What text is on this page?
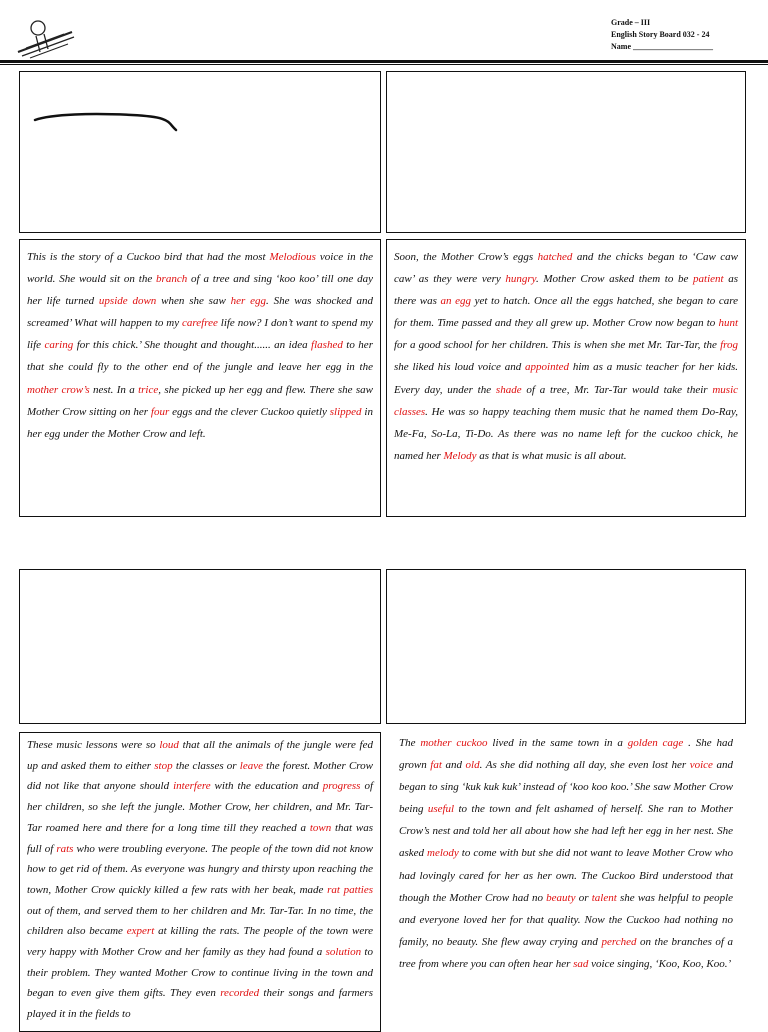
Grade – III
English Story Board 032 - 24
Name ____________________
This is the story of a Cuckoo bird that had the most Melodious voice in the world. She would sit on the branch of a tree and sing ‘koo koo’ till one day her life turned upside down when she saw her egg. She was shocked and screamed’ What will happen to my carefree life now? I don’t want to spend my life caring for this chick.’ She thought and thought...... an idea flashed to her that she could fly to the other end of the jungle and leave her egg in the mother crow’s nest. In a trice, she picked up her egg and flew. There she saw Mother Crow sitting on her four eggs and the clever Cuckoo quietly slipped in her egg under the Mother Crow and left.
Soon, the Mother Crow’s eggs hatched and the chicks began to ‘Caw caw caw’ as they were very hungry. Mother Crow asked them to be patient as there was an egg yet to hatch. Once all the eggs hatched, she began to care for them. Time passed and they all grew up. Mother Crow now began to hunt for a good school for her children. This is when she met Mr. Tar-Tar, the frog she liked his loud voice and appointed him as a music teacher for her kids. Every day, under the shade of a tree, Mr. Tar-Tar would take their music classes. He was so happy teaching them music that he named them Do-Ray, Me-Fa, So-La, Ti-Do. As there was no name left for the cuckoo chick, he named her Melody as that is what music is all about.
These music lessons were so loud that all the animals of the jungle were fed up and asked them to either stop the classes or leave the forest. Mother Crow did not like that anyone should interfere with the education and progress of her children, so she left the jungle. Mother Crow, her children, and Mr. Tar-Tar roamed here and there for a long time till they reached a town that was full of rats who were troubling everyone. The people of the town did not know how to get rid of them. As everyone was hungry and thirsty upon reaching the town, Mother Crow quickly killed a few rats with her beak, made rat patties out of them, and served them to her children and Mr. Tar-Tar. In no time, the children also became expert at killing the rats. The people of the town were very happy with Mother Crow and her family as they had found a solution to their problem. They wanted Mother Crow to continue living in the town and began to even give them gifts. They even recorded their songs and farmers played it in the fields to
The mother cuckoo lived in the same town in a golden cage . She had grown fat and old. As she did nothing all day, she even lost her voice and began to sing ‘kuk kuk kuk’ instead of ‘koo koo koo.’ She saw Mother Crow being useful to the town and felt ashamed of herself. She ran to Mother Crow’s nest and told her all about how she had left her egg in her nest. She asked melody to come with but she did not want to leave Mother Crow who had lovingly cared for her as her own. The Cuckoo Bird understood that though the Mother Crow had no beauty or talent she was helpful to people and everyone loved her for that quality. Now the Cuckoo had nothing no family, no beauty. She flew away crying and perched on the branches of a tree from where you can often hear her sad voice singing, ‘Koo, Koo, Koo.’
